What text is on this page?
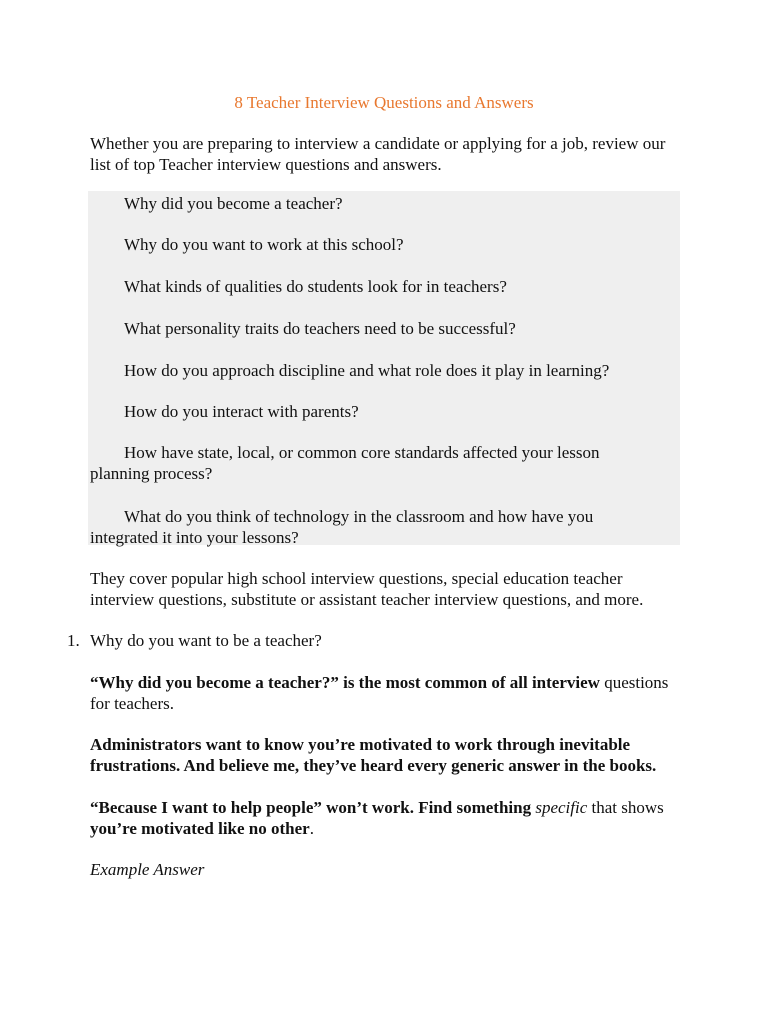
8 Teacher Interview Questions and Answers
Whether you are preparing to interview a candidate or applying for a job, review our list of top Teacher interview questions and answers.
Why did you become a teacher?
Why do you want to work at this school?
What kinds of qualities do students look for in teachers?
What personality traits do teachers need to be successful?
How do you approach discipline and what role does it play in learning?
How do you interact with parents?
How have state, local, or common core standards affected your lesson planning process?
What do you think of technology in the classroom and how have you integrated it into your lessons?
They cover popular high school interview questions, special education teacher interview questions, substitute or assistant teacher interview questions, and more.
1. Why do you want to be a teacher?
“Why did you become a teacher?” is the most common of all interview questions for teachers.
Administrators want to know you’re motivated to work through inevitable frustrations. And believe me, they’ve heard every generic answer in the books.
“Because I want to help people” won’t work. Find something specific that shows you’re motivated like no other.
Example Answer
